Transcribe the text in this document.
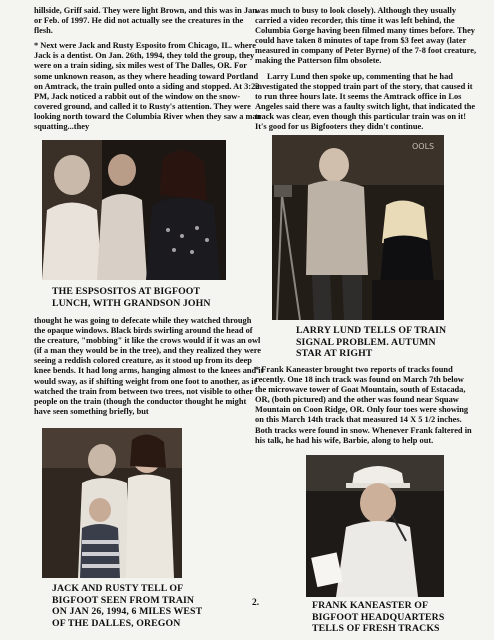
hillside, Griff said. They were light Brown, and this was in Jan. or Feb. of 1997. He did not actually see the creatures in the flesh.

* Next were Jack and Rusty Esposito from Chicago, IL. where Jack is a dentist. On Jan. 26th, 1994, they told the group, they were on a train siding, six miles west of The Dalles, OR. For some unknown reason, as they where heading toward Portland on Amtrack, the train pulled onto a siding and stopped. At 3:22 PM, Jack noticed a rabbit out of the window on the snow-covered ground, and called it to Rusty's attention. They were looking north toward the Columbia River when they saw a man squatting...they

THE ESPSOSITOS AT BIGFOOT
LUNCH, WITH GRANDSON JOHN

thought he was going to defecate while they watched through the opaque windows. Black birds swirling around the head of the creature, "mobbing" it like the crows would if it was an owl (if a man they would be in the tree), and they realized they were seeing a reddish colored creature, as it stood up from its deep knee bends. It had long arms, hanging almost to the knees and it would sway, as if shifting weight from one foot to another, as it watched the train from between two trees, not visible to other people on the train (though the conductor thought he might have seen something briefly, but

JACK AND RUSTY TELL OF
BIGFOOT SEEN FROM TRAIN
ON JAN 26, 1994, 6 MILES WEST
OF THE DALLES, OREGON

was much to busy to look closely). Although they usually carried a video recorder, this time it was left behind, the Columbia Gorge having been filmed many times before. They could have taken 8 minutes of tape from $3 feet away (later measured in company of Peter Byrne) of the 7-8 foot creature, making the Patterson film obsolete.

Larry Lund then spoke up, commenting that he had investigated the stopped train part of the story, that caused it to run three hours late. It seems the Amtrack office in Los Angeles said there was a faulty switch light, that indicated the track was clear, even though this particular train was on it! It's good for us Bigfooters they didn't continue.

OOLS
LARRY LUND TELLS OF TRAIN
SIGNAL PROBLEM. AUTUMN
STAR AT RIGHT

* Frank Kaneaster brought two reports of tracks found recently. One 18 inch track was found on March 7th below the microwave tower of Goat Mountain, south of Estacada, OR, (both pictured) and the other was found near Squaw Mountain on Coon Ridge, OR. Only four toes were showing on this March 14th track that measured 14 X 5 1/2 inches. Both tracks were found in snow. Whenever Frank faltered in his talk, he had his wife, Barbie, along to help out.

FRANK KANEASTER OF
BIGFOOT HEADQUARTERS
TELLS OF FRESH TRACKS
2.
